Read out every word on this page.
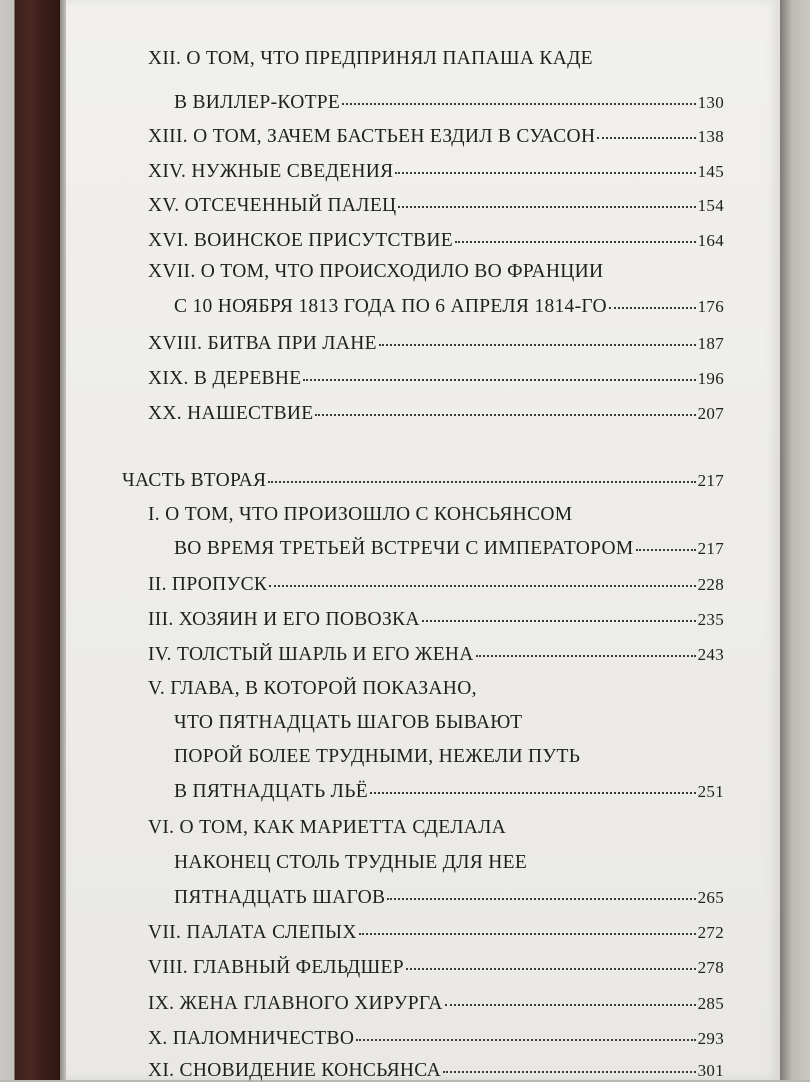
XII. О ТОМ, ЧТО ПРЕДПРИНЯЛ ПАПАША КАДЕ
В ВИЛЛЕР-КОТРЕ	130
XIII. О ТОМ, ЗАЧЕМ БАСТЬЕН ЕЗДИЛ В СУАСОН	138
XIV. НУЖНЫЕ СВЕДЕНИЯ	145
XV. ОТСЕЧЕННЫЙ ПАЛЕЦ	154
XVI. ВОИНСКОЕ ПРИСУТСТВИЕ	164
XVII. О ТОМ, ЧТО ПРОИСХОДИЛО ВО ФРАНЦИИ
С 10 НОЯБРЯ 1813 ГОДА ПО 6 АПРЕЛЯ 1814-ГО	176
XVIII. БИТВА ПРИ ЛАНЕ	187
XIX. В ДЕРЕВНЕ	196
XX. НАШЕСТВИЕ	207
ЧАСТЬ ВТОРАЯ	217
I. О ТОМ, ЧТО ПРОИЗОШЛО С КОНСЬЯНСОМ
ВО ВРЕМЯ ТРЕТЬЕЙ ВСТРЕЧИ С ИМПЕРАТОРОМ	217
II. ПРОПУСК	228
III. ХОЗЯИН И ЕГО ПОВОЗКА	235
IV. ТОЛСТЫЙ ШАРЛЬ И ЕГО ЖЕНА	243
V. ГЛАВА, В КОТОРОЙ ПОКАЗАНО,
ЧТО ПЯТНАДЦАТЬ ШАГОВ БЫВАЮТ
ПОРОЙ БОЛЕЕ ТРУДНЫМИ, НЕЖЕЛИ ПУТЬ
В ПЯТНАДЦАТЬ ЛЬЁ	251
VI. О ТОМ, КАК МАРИЕТТА СДЕЛАЛА
НАКОНЕЦ СТОЛЬ ТРУДНЫЕ ДЛЯ НЕЕ
ПЯТНАДЦАТЬ ШАГОВ	265
VII. ПАЛАТА СЛЕПЫХ	272
VIII. ГЛАВНЫЙ ФЕЛЬДШЕР	278
IX. ЖЕНА ГЛАВНОГО ХИРУРГА	285
X. ПАЛОМНИЧЕСТВО	293
XI. СНОВИДЕНИЕ КОНСЬЯНСА	301
